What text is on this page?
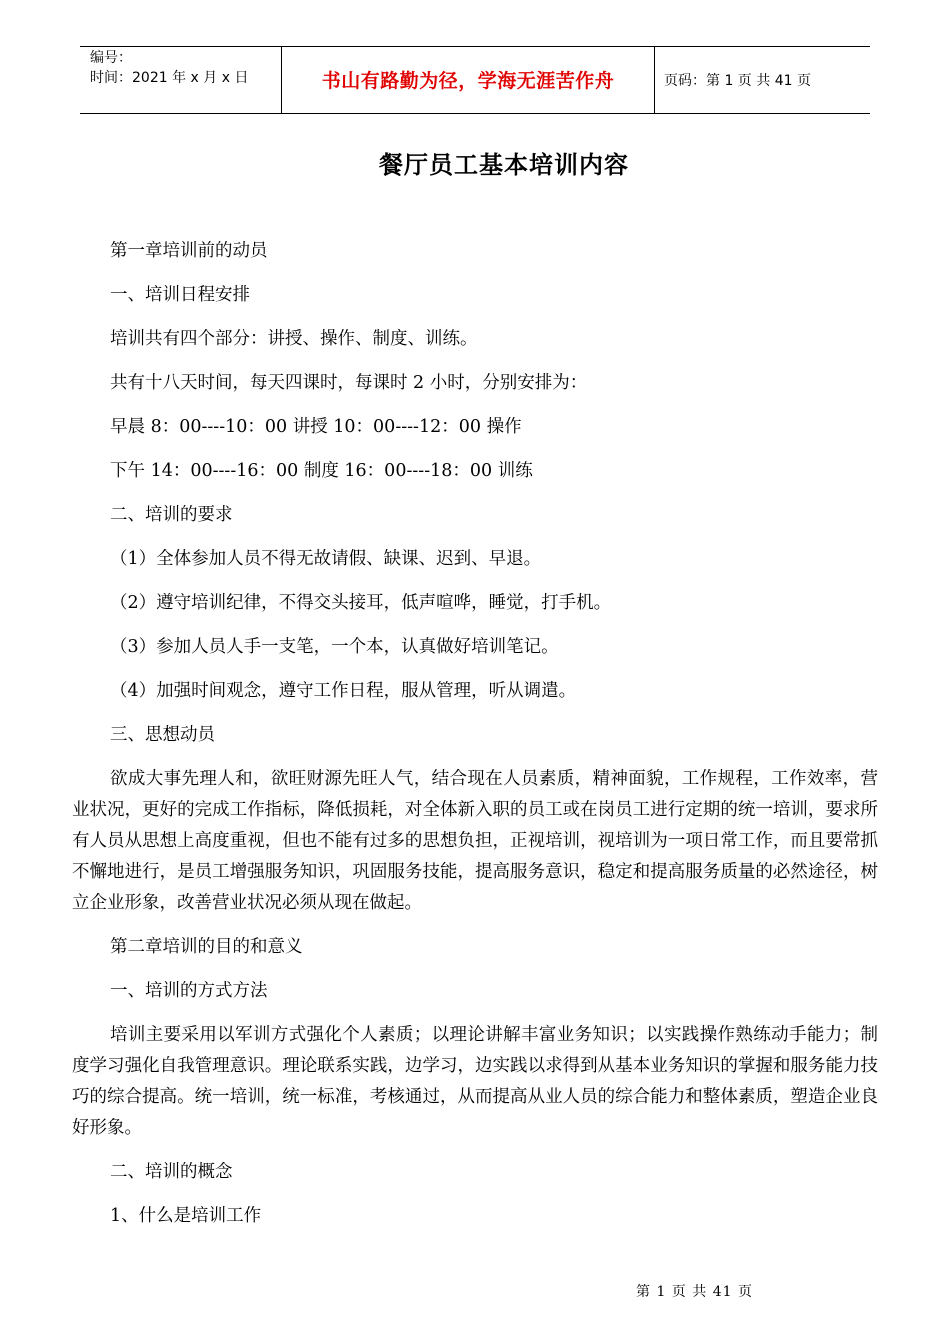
编号：
时间：2021 年 x 月 x 日	书山有路勤为径，学海无涯苦作舟	页码：第 1 页 共 41 页
餐厅员工基本培训内容

第一章培训前的动员

一、培训日程安排

培训共有四个部分：讲授、操作、制度、训练。

共有十八天时间，每天四课时，每课时 2 小时，分别安排为：

早晨 8：00----10：00 讲授 10：00----12：00 操作

下午 14：00----16：00 制度 16：00----18：00 训练

二、培训的要求

（1）全体参加人员不得无故请假、缺课、迟到、早退。

（2）遵守培训纪律，不得交头接耳，低声喧哗，睡觉，打手机。

（3）参加人员人手一支笔，一个本，认真做好培训笔记。

（4）加强时间观念，遵守工作日程，服从管理，听从调遣。

三、思想动员

欲成大事先理人和，欲旺财源先旺人气，结合现在人员素质，精神面貌，工作规程，工作效率，营业状况，更好的完成工作指标，降低损耗，对全体新入职的员工或在岗员工进行定期的统一培训，要求所有人员从思想上高度重视，但也不能有过多的思想负担，正视培训，视培训为一项日常工作，而且要常抓不懈地进行，是员工增强服务知识，巩固服务技能，提高服务意识，稳定和提高服务质量的必然途径，树立企业形象，改善营业状况必须从现在做起。

第二章培训的目的和意义

一、培训的方式方法

培训主要采用以军训方式强化个人素质；以理论讲解丰富业务知识；以实践操作熟练动手能力；制度学习强化自我管理意识。理论联系实践，边学习，边实践以求得到从基本业务知识的掌握和服务能力技巧的综合提高。统一培训，统一标准，考核通过，从而提高从业人员的综合能力和整体素质，塑造企业良好形象。

二、培训的概念

1、什么是培训工作

第 1 页 共 41 页
